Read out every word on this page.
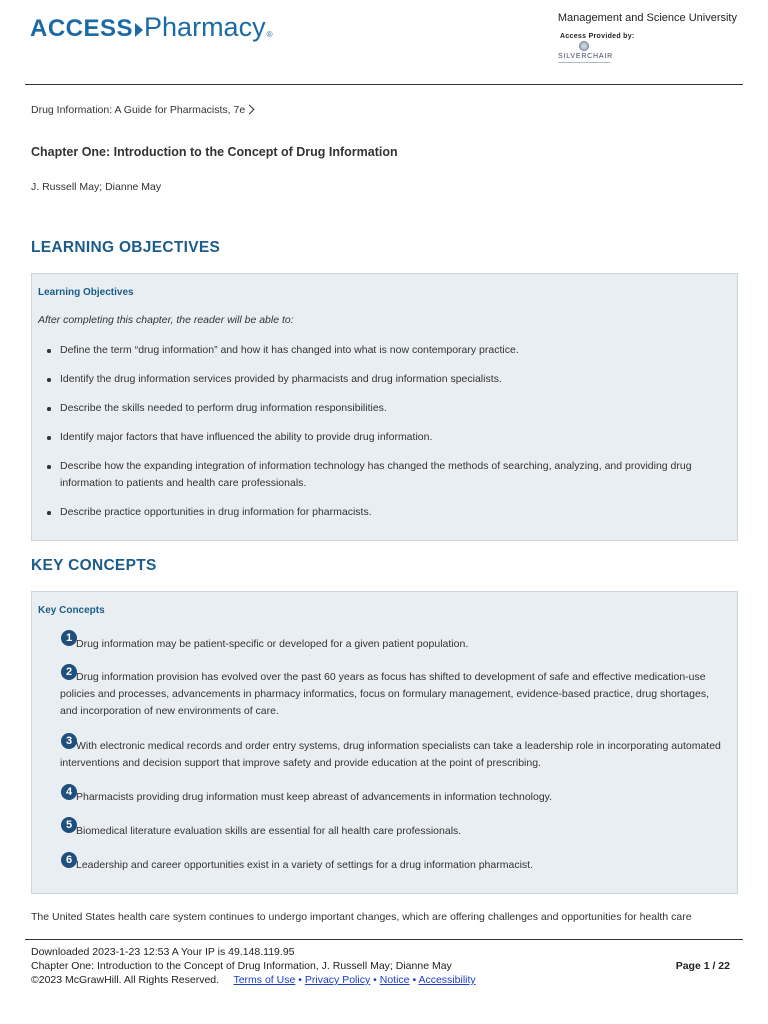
ACCESS Pharmacy ®
Management and Science University
Access Provided by:
SILVERCHAIR
Drug Information: A Guide for Pharmacists, 7e
Chapter One: Introduction to the Concept of Drug Information
J. Russell May; Dianne May
LEARNING OBJECTIVES
Learning Objectives
After completing this chapter, the reader will be able to:
Define the term “drug information” and how it has changed into what is now contemporary practice.
Identify the drug information services provided by pharmacists and drug information specialists.
Describe the skills needed to perform drug information responsibilities.
Identify major factors that have influenced the ability to provide drug information.
Describe how the expanding integration of information technology has changed the methods of searching, analyzing, and providing drug information to patients and health care professionals.
Describe practice opportunities in drug information for pharmacists.
KEY CONCEPTS
Key Concepts
1 Drug information may be patient-specific or developed for a given patient population.
2 Drug information provision has evolved over the past 60 years as focus has shifted to development of safe and effective medication-use policies and processes, advancements in pharmacy informatics, focus on formulary management, evidence-based practice, drug shortages, and incorporation of new environments of care.
3 With electronic medical records and order entry systems, drug information specialists can take a leadership role in incorporating automated interventions and decision support that improve safety and provide education at the point of prescribing.
4 Pharmacists providing drug information must keep abreast of advancements in information technology.
5 Biomedical literature evaluation skills are essential for all health care professionals.
6 Leadership and career opportunities exist in a variety of settings for a drug information pharmacist.
The United States health care system continues to undergo important changes, which are offering challenges and opportunities for health care
Downloaded 2023-1-23 12:53 A Your IP is 49.148.119.95
Chapter One: Introduction to the Concept of Drug Information, J. Russell May; Dianne May
©2023 McGrawHill. All Rights Reserved. Terms of Use • Privacy Policy • Notice • Accessibility
Page 1 / 22
